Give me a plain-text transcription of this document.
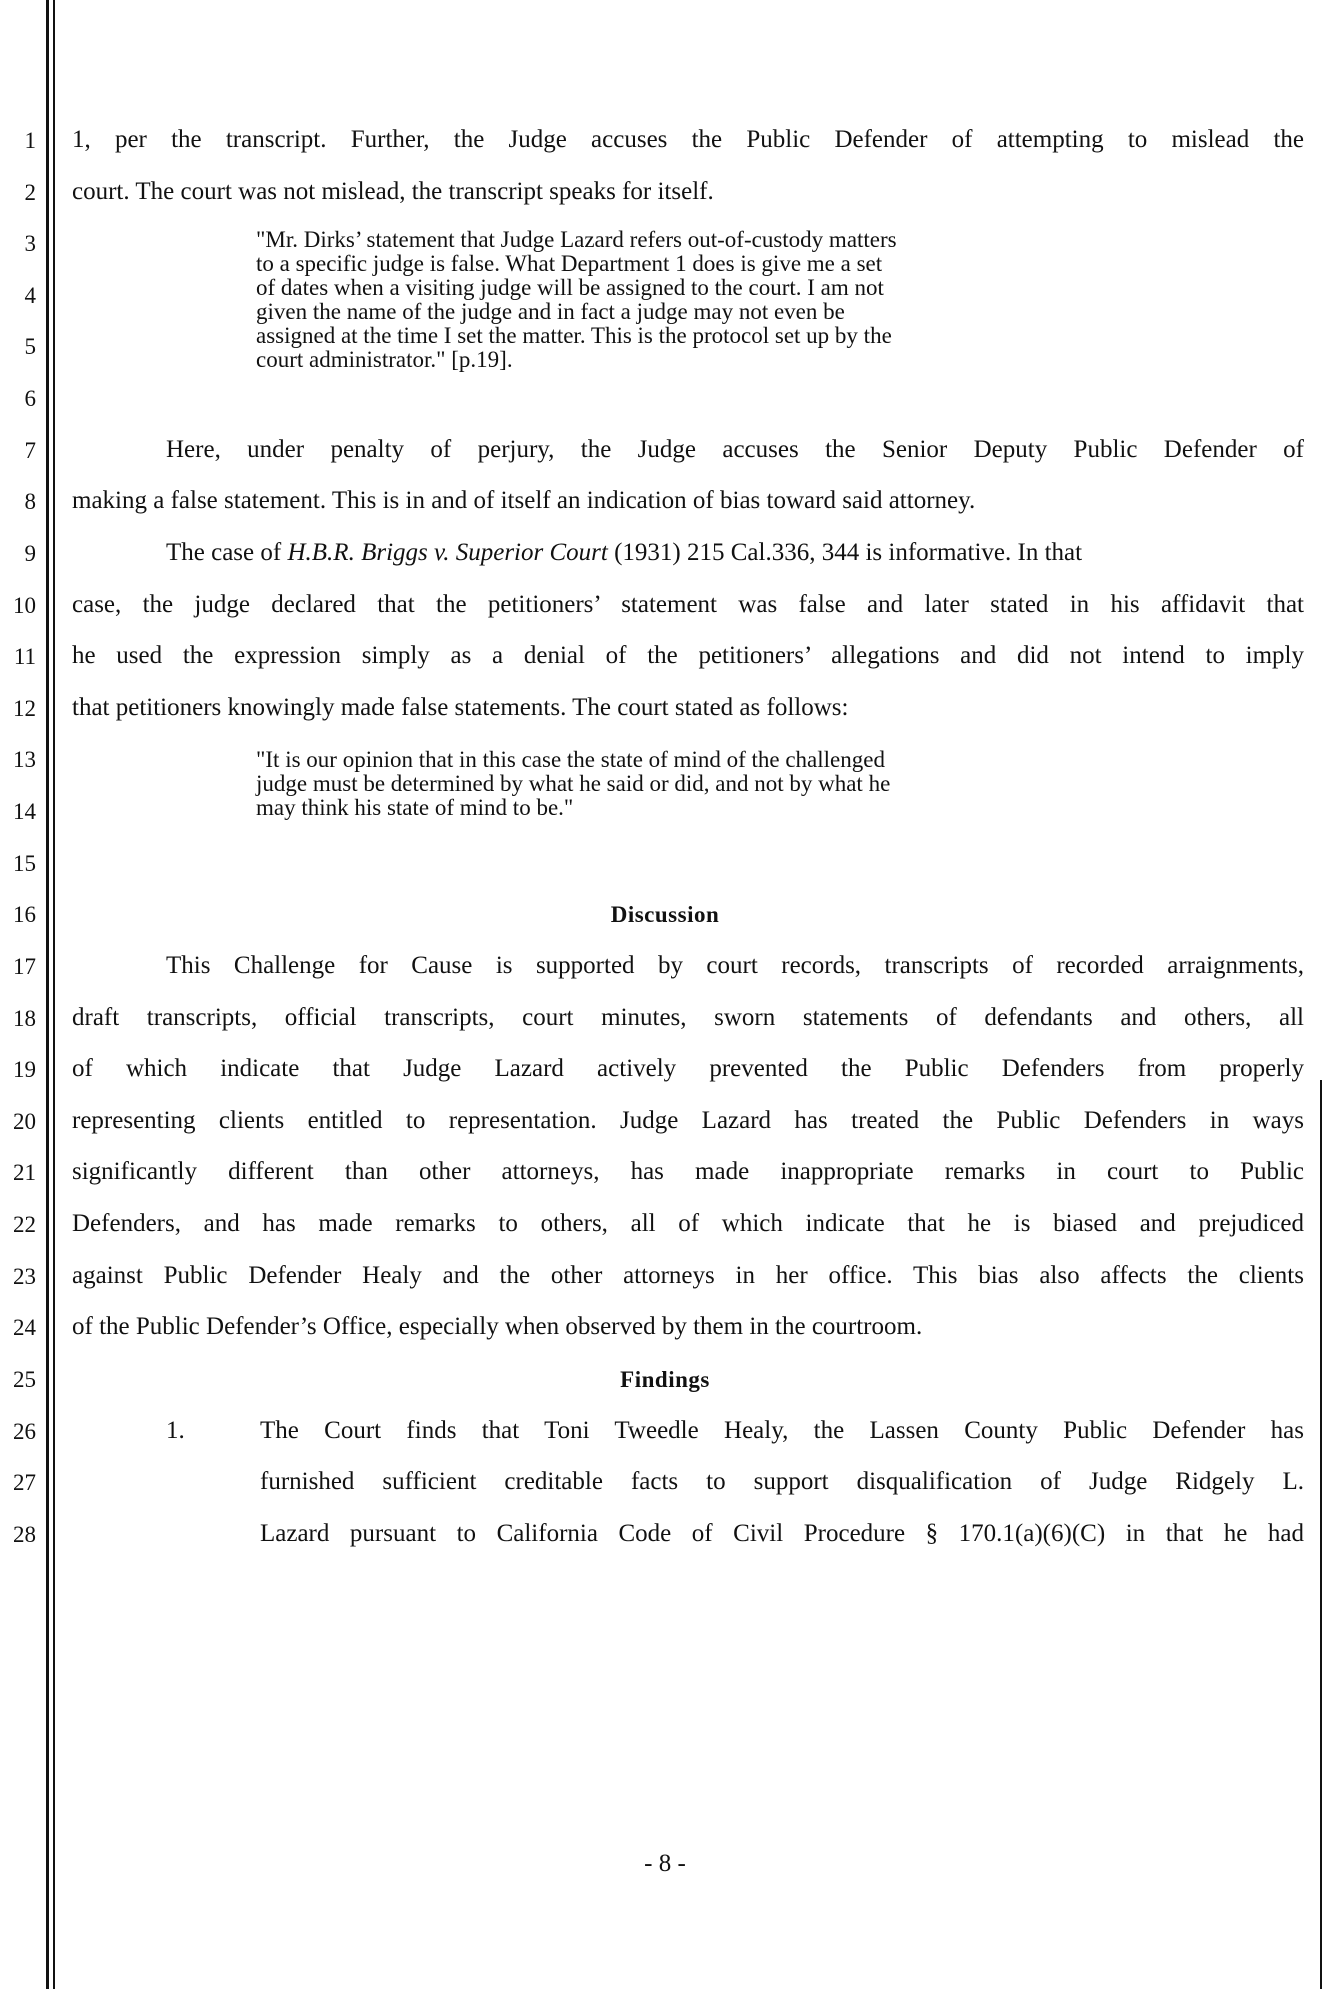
1
2
3
4
5
6
7
8
9
10
11
12
13
14
15
16
17
18
19
20
21
22
23
24
25
26
27
28
1, per the transcript. Further, the Judge accuses the Public Defender of attempting to mislead the
court. The court was not mislead, the transcript speaks for itself.
"Mr. Dirks’ statement that Judge Lazard refers out-of-custody matters
to a specific judge is false. What Department 1 does is give me a set
of dates when a visiting judge will be assigned to the court. I am not
given the name of the judge and in fact a judge may not even be
assigned at the time I set the matter. This is the protocol set up by the
court administrator." [p.19].
Here, under penalty of perjury, the Judge accuses the Senior Deputy Public Defender of
making a false statement. This is in and of itself an indication of bias toward said attorney.
The case of H.B.R. Briggs v. Superior Court (1931) 215 Cal.336, 344 is informative. In that
case, the judge declared that the petitioners’ statement was false and later stated in his affidavit that
he used the expression simply as a denial of the petitioners’ allegations and did not intend to imply
that petitioners knowingly made false statements. The court stated as follows:
"It is our opinion that in this case the state of mind of the challenged
judge must be determined by what he said or did, and not by what he
may think his state of mind to be."
Discussion
This Challenge for Cause is supported by court records, transcripts of recorded arraignments,
draft transcripts, official transcripts, court minutes, sworn statements of defendants and others, all
of which indicate that Judge Lazard actively prevented the Public Defenders from properly
representing clients entitled to representation. Judge Lazard has treated the Public Defenders in ways
significantly different than other attorneys, has made inappropriate remarks in court to Public
Defenders, and has made remarks to others, all of which indicate that he is biased and prejudiced
against Public Defender Healy and the other attorneys in her office. This bias also affects the clients
of the Public Defender’s Office, especially when observed by them in the courtroom.
Findings
1.	The Court finds that Toni Tweedle Healy, the Lassen County Public Defender has
furnished sufficient creditable facts to support disqualification of Judge Ridgely L.
Lazard pursuant to California Code of Civil Procedure § 170.1(a)(6)(C) in that he had
- 8 -
